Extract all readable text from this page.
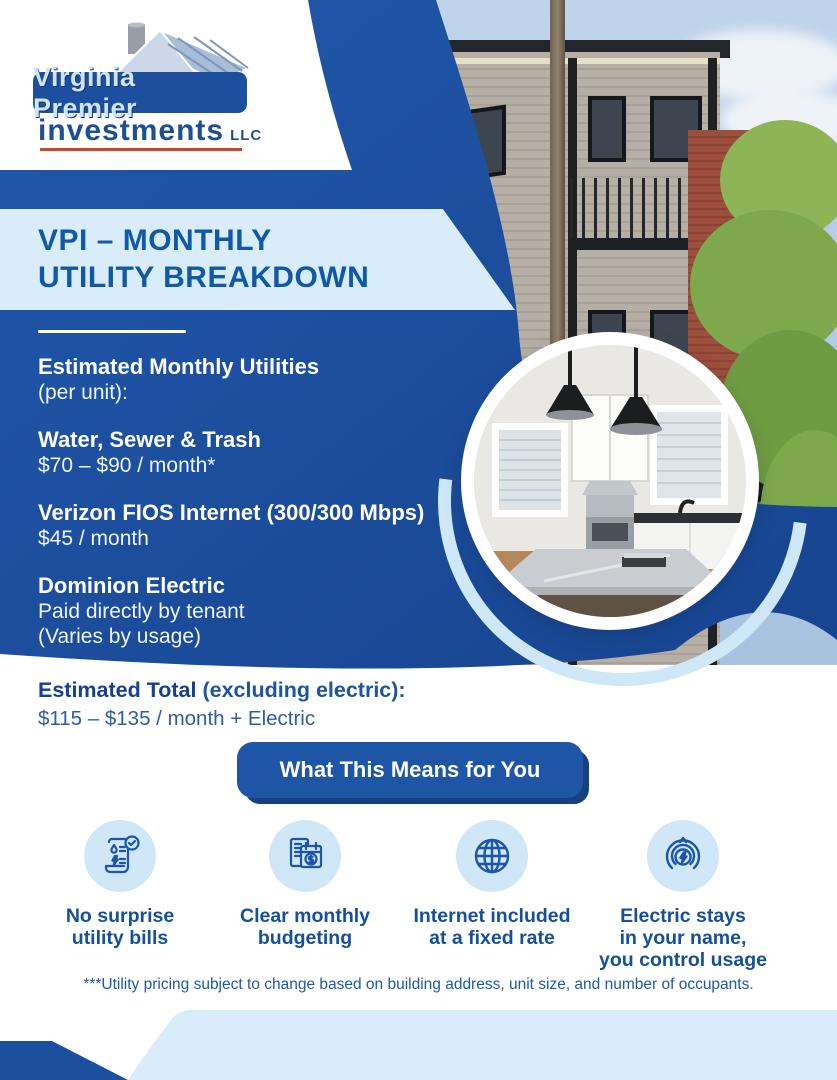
VPI – MONTHLY
UTILITY BREAKDOWN
Virginia Premier
investments LLC
Estimated Monthly Utilities
(per unit):
Water, Sewer & Trash
$70 – $90 / month*
Verizon FIOS Internet (300/300 Mbps)
$45 / month
Dominion Electric
Paid directly by tenant
(Varies by usage)
Estimated Total (excluding electric):
$115 – $135 / month + Electric
What This Means for You
No surprise
utility bills
Clear monthly
budgeting
Internet included
at a fixed rate
Electric stays
in your name,
you control usage
***Utility pricing subject to change based on building address, unit size, and number of occupants.
